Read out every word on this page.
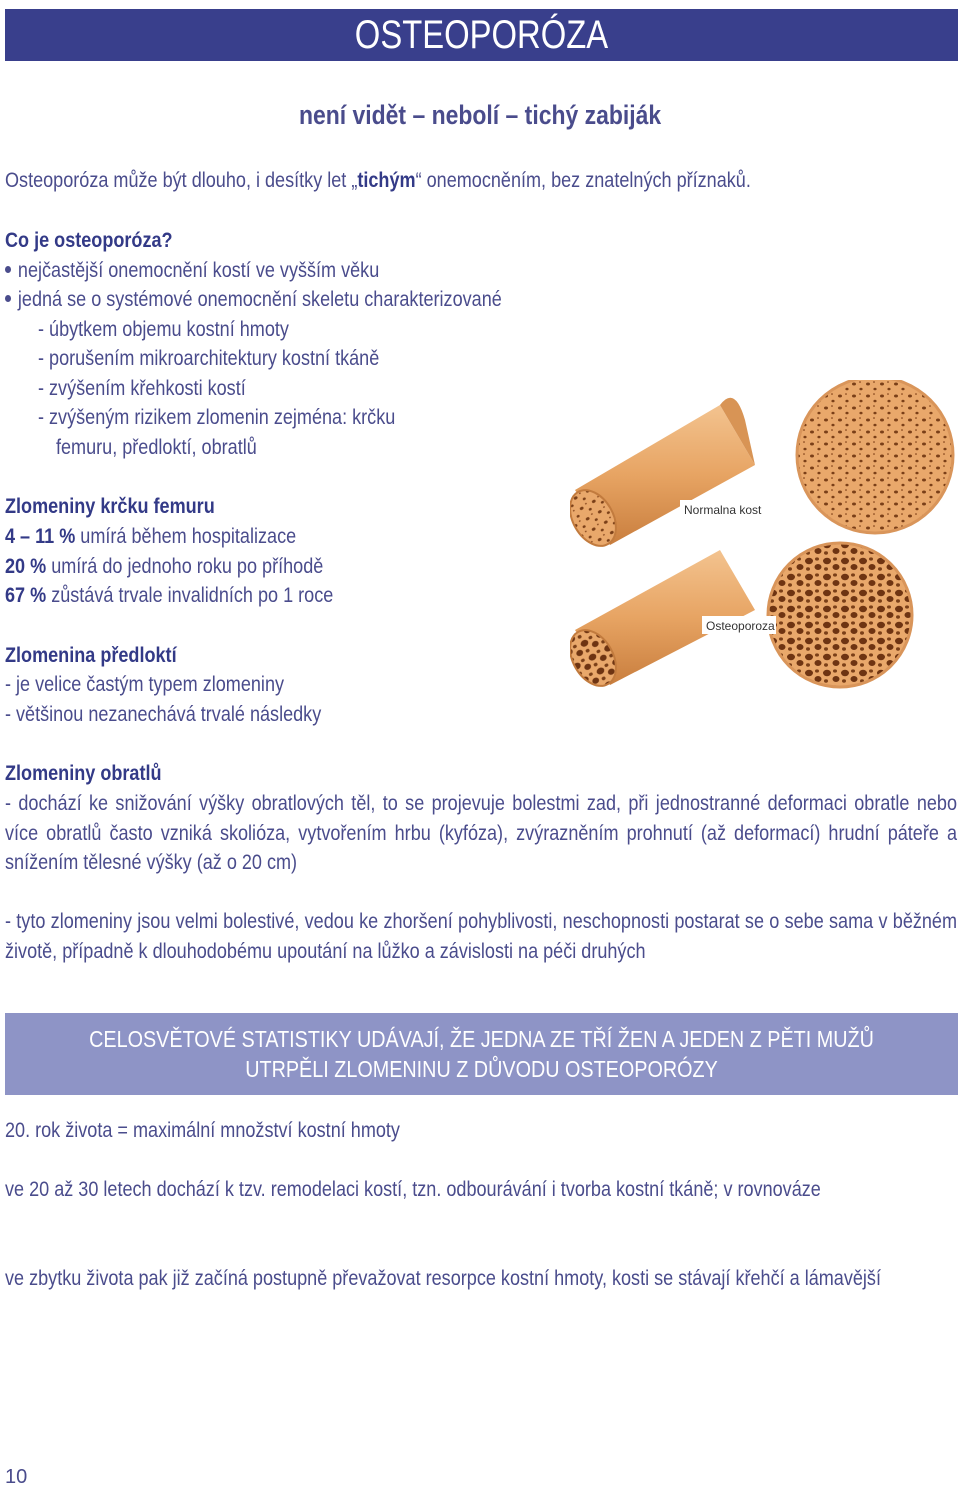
OSTEOPORÓZA
není vidět – nebolí – tichý zabiják
Osteoporóza může být dlouho, i desítky let „tichým“ onemocněním, bez znatelných příznaků.
Co je osteoporóza?
nejčastější onemocnění kostí ve vyšším věku
jedná se o systémové onemocnění skeletu charakterizované
- úbytkem objemu kostní hmoty
- porušením mikroarchitektury kostní tkáně
- zvýšením křehkosti kostí
- zvýšeným rizikem zlomenin zejména: krčku
femuru, předloktí, obratlů
Zlomeniny krčku femuru
4 – 11 % umírá během hospitalizace
20 % umírá do jednoho roku po příhodě
67 % zůstává trvale invalidních po 1 roce
Zlomenina předloktí
- je velice častým typem zlomeniny
- většinou nezanechává trvalé následky
Zlomeniny obratlů
- dochází ke snižování výšky obratlových těl, to se projevuje bolestmi zad, při jednostranné deformaci obratle nebo více obratlů často vzniká skolióza, vytvořením hrbu (kyfóza), zvýrazněním prohnutí (až deformací) hrudní páteře a snížením tělesné výšky (až o 20 cm)
- tyto zlomeniny jsou velmi bolestivé, vedou ke zhoršení pohyblivosti, neschopnosti postarat se o sebe sama v běžném životě, případně k dlouhodobému upoutání na lůžko a závislosti na péči druhých
CELOSVĚTOVÉ STATISTIKY UDÁVAJÍ, ŽE JEDNA ZE TŘÍ ŽEN A JEDEN Z PĚTI MUŽŮ
UTRPĚLI ZLOMENINU Z DŮVODU OSTEOPORÓZY
20. rok života = maximální množství kostní hmoty
ve 20 až 30 letech dochází k tzv. remodelaci kostí, tzn. odbourávání i tvorba kostní tkáně; v rovnováze
ve zbytku života pak již začíná postupně převažovat resorpce kostní hmoty, kosti se stávají křehčí a lámavější
Normalna kost
Osteoporoza
10
